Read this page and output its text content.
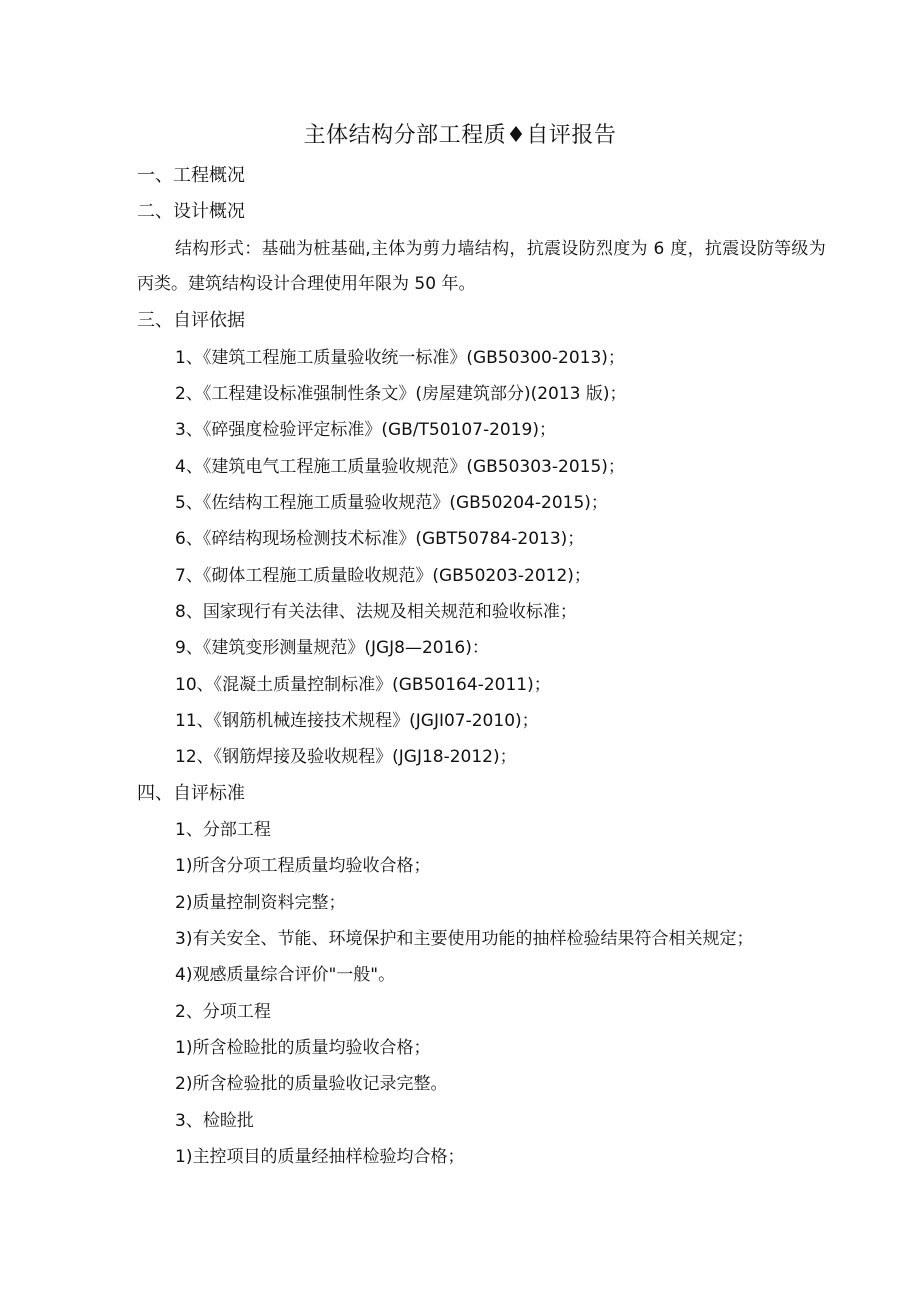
主体结构分部工程质♦自评报告
一、工程概况
二、设计概况
结构形式：基础为桩基础,主体为剪力墙结构，抗震设防烈度为 6 度，抗震设防等级为
丙类。建筑结构设计合理使用年限为 50 年。
三、自评依据
1、《建筑工程施工质量验收统一标准》(GB50300-2013)；
2、《工程建设标准强制性条文》(房屋建筑部分)(2013 版)；
3、《碎强度检验评定标准》(GB/T50107-2019)；
4、《建筑电气工程施工质量验收规范》(GB50303-2015)；
5、《佐结构工程施工质量验收规范》(GB50204-2015)；
6、《碎结构现场检测技术标准》(GBT50784-2013)；
7、《砌体工程施工质量睑收规范》(GB50203-2012)；
8、国家现行有关法律、法规及相关规范和验收标准；
9、《建筑变形测量规范》(JGJ8—2016)：
10、《混凝土质量控制标准》(GB50164-2011)；
11、《钢筋机械连接技术规程》(JGJI07-2010)；
12、《钢筋焊接及验收规程》(JGJ18-2012)；
四、自评标准
1、分部工程
1)所含分项工程质量均验收合格；
2)质量控制资料完整；
3)有关安全、节能、环境保护和主要使用功能的抽样检验结果符合相关规定；
4)观感质量综合评价"一般"。
2、分项工程
1)所含检睑批的质量均验收合格；
2)所含检验批的质量验收记录完整。
3、检睑批
1)主控项目的质量经抽样检验均合格；
